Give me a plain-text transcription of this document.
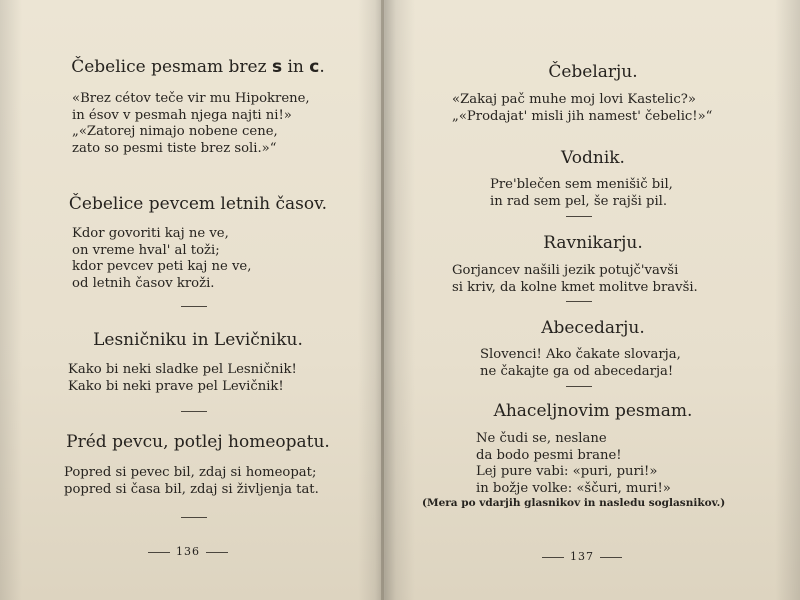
Čebelice pesmam brez s in c.
«Brez cétov teče vir mu Hipokrene,
in ésov v pesmah njega najti ni!»
„«Zatorej nimajo nobene cene,
zato so pesmi tiste brez soli.»“
Čebelice pevcem letnih časov.
Kdor govoriti kaj ne ve,
on vreme hval' al toži;
kdor pevcev peti kaj ne ve,
od letnih časov kroži.
Lesničniku in Levičniku.
Kako bi neki sladke pel Lesničnik!
Kako bi neki prave pel Levičnik!
Préd pevcu, potlej homeopatu.
Popred si pevec bil, zdaj si homeopat;
popred si časa bil, zdaj si življenja tat.
136
Čebelarju.
«Zakaj pač muhe moj lovi Kastelic?»
„«Prodajat' misli jih namest' čebelic!»“
Vodnik.
Pre'blečen sem menišič bil,
in rad sem pel, še rajši pil.
Ravnikarju.
Gorjancev našili jezik potujč'vavši
si kriv, da kolne kmet molitve bravši.
Abecedarju.
Slovenci! Ako čakate slovarja,
ne čakajte ga od abecedarja!
Ahaceljnovim pesmam.
Ne čudi se, neslane
da bodo pesmi brane!
Lej pure vabi: «puri, puri!»
in božje volke: «ščuri, muri!»
(Mera po vdarjih glasnikov in nasledu soglasnikov.)
137
